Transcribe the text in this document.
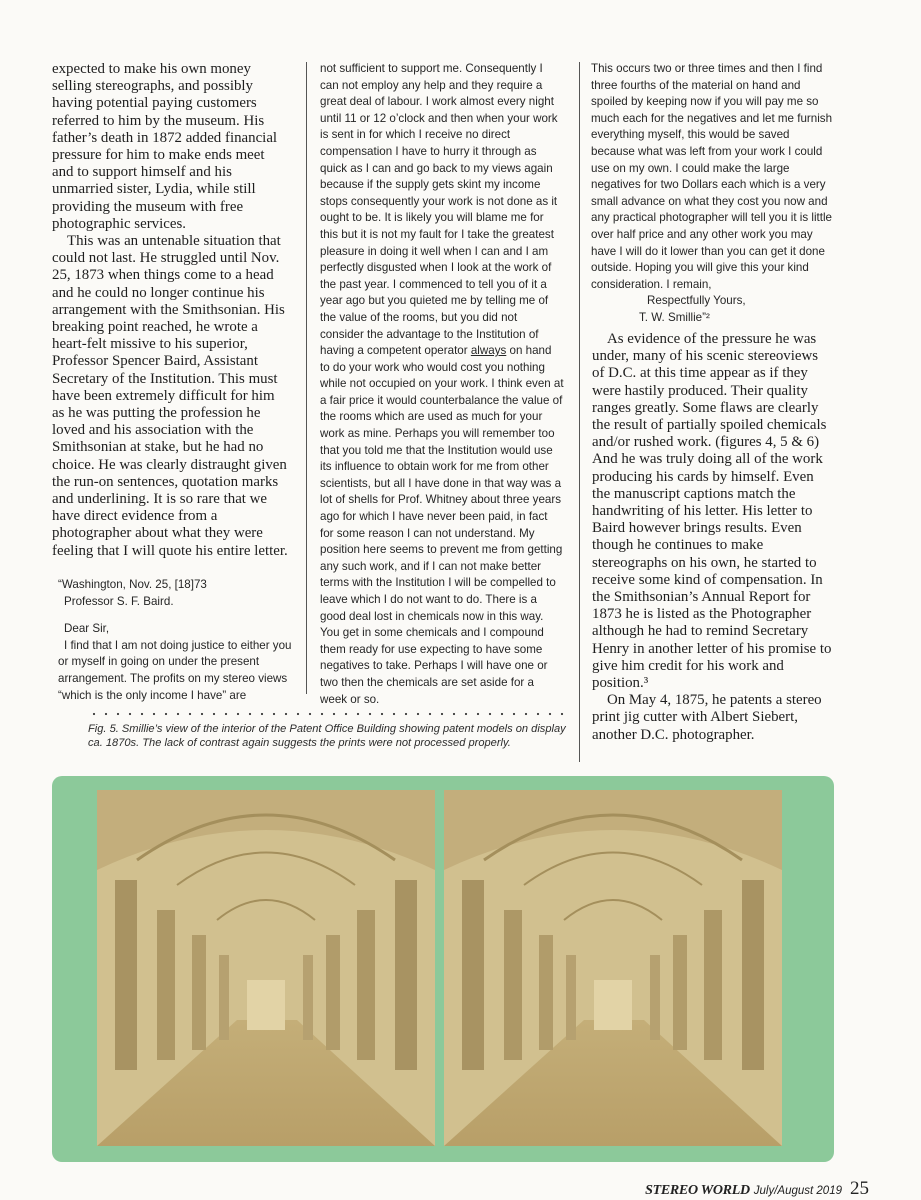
expected to make his own money selling stereographs, and possibly having potential paying customers referred to him by the museum. His father’s death in 1872 added financial pressure for him to make ends meet and to support himself and his unmarried sister, Lydia, while still providing the museum with free photographic services.

This was an untenable situation that could not last. He struggled until Nov. 25, 1873 when things come to a head and he could no longer continue his arrangement with the Smithsonian. His breaking point reached, he wrote a heart-felt missive to his superior, Professor Spencer Baird, Assistant Secretary of the Institution. This must have been extremely difficult for him as he was putting the profession he loved and his association with the Smithsonian at stake, but he had no choice. He was clearly distraught given the run-on sentences, quotation marks and underlining. It is so rare that we have direct evidence from a photographer about what they were feeling that I will quote his entire letter.

“Washington, Nov. 25, [18]73

Professor S. F. Baird.

Dear Sir,

I find that I am not doing justice to either you or myself in going on under the present arrangement. The profits on my stereo views “which is the only income I have” are

not sufficient to support me. Consequently I can not employ any help and they require a great deal of labour. I work almost every night until 11 or 12 o’clock and then when your work is sent in for which I receive no direct compensation I have to hurry it through as quick as I can and go back to my views again because if the supply gets skint my income stops consequently your work is not done as it ought to be. It is likely you will blame me for this but it is not my fault for I take the greatest pleasure in doing it well when I can and I am perfectly disgusted when I look at the work of the past year. I commenced to tell you of it a year ago but you quieted me by telling me of the value of the rooms, but you did not consider the advantage to the Institution of having a competent operator always on hand to do your work who would cost you nothing while not occupied on your work. I think even at a fair price it would counterbalance the value of the rooms which are used as much for your work as mine. Perhaps you will remember too that you told me that the Institution would use its influence to obtain work for me from other scientists, but all I have done in that way was a lot of shells for Prof. Whitney about three years ago for which I have never been paid, in fact for some reason I can not understand. My position here seems to prevent me from getting any such work, and if I can not make better terms with the Institution I will be compelled to leave which I do not want to do. There is a good deal lost in chemicals now in this way. You get in some chemicals and I compound them ready for use expecting to have some negatives to take. Perhaps I will have one or two then the chemicals are set aside for a week or so.

This occurs two or three times and then I find three fourths of the material on hand and spoiled by keeping now if you will pay me so much each for the negatives and let me furnish everything myself, this would be saved because what was left from your work I could use on my own. I could make the large negatives for two Dollars each which is a very small advance on what they cost you now and any practical photographer will tell you it is little over half price and any other work you may have I will do it lower than you can get it done outside. Hoping you will give this your kind consideration. I remain,

Respectfully Yours,

T. W. Smillie”²

As evidence of the pressure he was under, many of his scenic stereoviews of D.C. at this time appear as if they were hastily produced. Their quality ranges greatly. Some flaws are clearly the result of partially spoiled chemicals and/or rushed work. (figures 4, 5 & 6) And he was truly doing all of the work producing his cards by himself. Even the manuscript captions match the handwriting of his letter. His letter to Baird however brings results. Even though he continues to make stereographs on his own, he started to receive some kind of compensation. In the Smithsonian’s Annual Report for 1873 he is listed as the Photographer although he had to remind Secretary Henry in another letter of his promise to give him credit for his work and position.³

On May 4, 1875, he patents a stereo print jig cutter with Albert Siebert, another D.C. photographer.

Fig. 5. Smillie’s view of the interior of the Patent Office Building showing patent models on display ca. 1870s. The lack of contrast again suggests the prints were not processed properly.
STEREO WORLD July/August 2019 25
